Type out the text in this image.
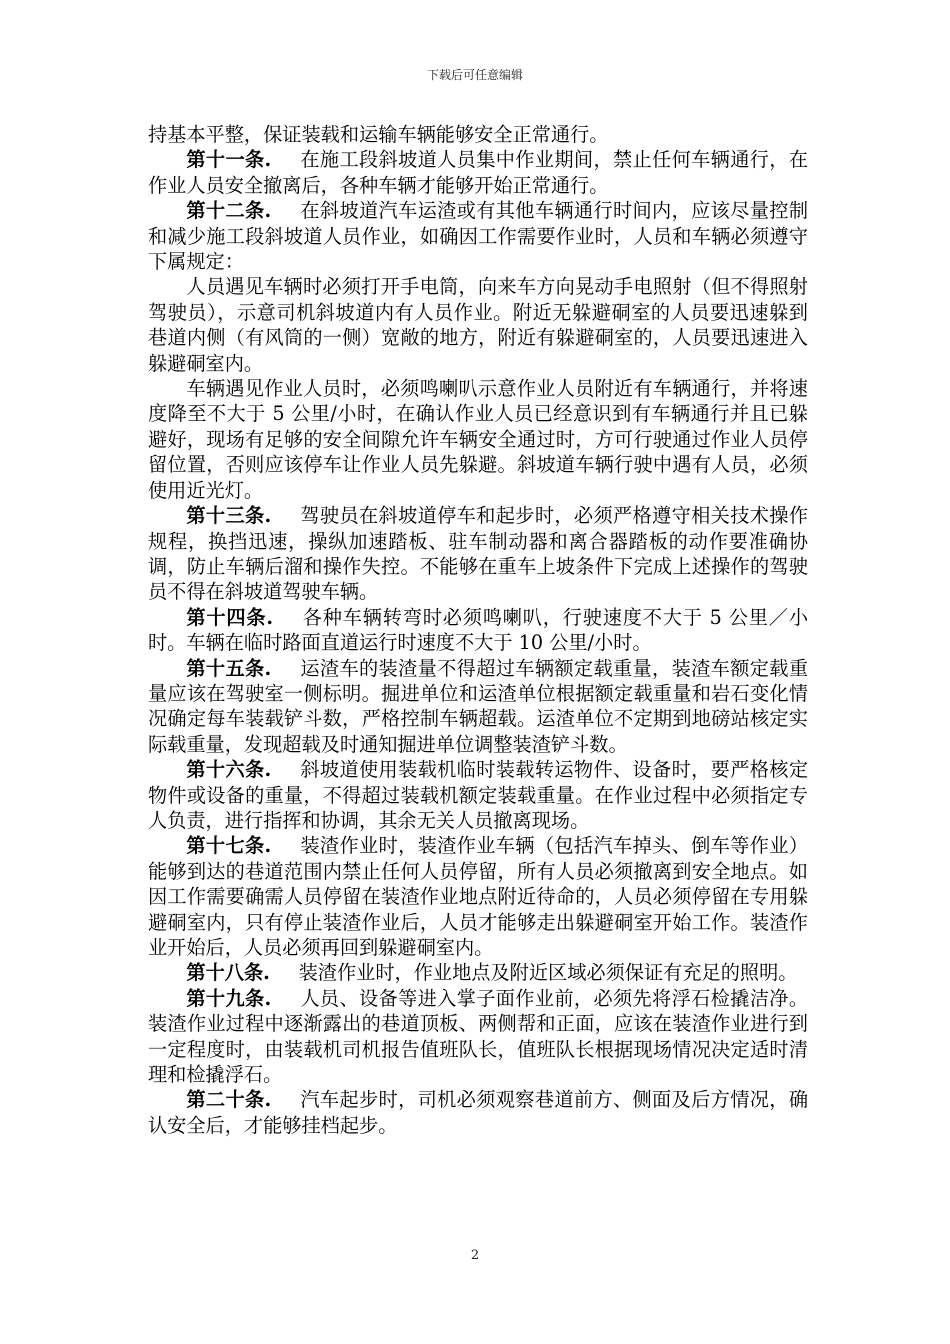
下载后可任意编辑

持基本平整，保证装载和运输车辆能够安全正常通行。

第十一条. 在施工段斜坡道人员集中作业期间，禁止任何车辆通行，在作业人员安全撤离后，各种车辆才能够开始正常通行。

第十二条. 在斜坡道汽车运渣或有其他车辆通行时间内，应该尽量控制和减少施工段斜坡道人员作业，如确因工作需要作业时，人员和车辆必须遵守下属规定：

人员遇见车辆时必须打开手电筒，向来车方向晃动手电照射（但不得照射驾驶员），示意司机斜坡道内有人员作业。附近无躲避硐室的人员要迅速躲到巷道内侧（有风筒的一侧）宽敞的地方，附近有躲避硐室的，人员要迅速进入躲避硐室内。

车辆遇见作业人员时，必须鸣喇叭示意作业人员附近有车辆通行，并将速度降至不大于 5 公里/小时，在确认作业人员已经意识到有车辆通行并且已躲避好，现场有足够的安全间隙允许车辆安全通过时，方可行驶通过作业人员停留位置，否则应该停车让作业人员先躲避。斜坡道车辆行驶中遇有人员，必须使用近光灯。

第十三条. 驾驶员在斜坡道停车和起步时，必须严格遵守相关技术操作规程，换挡迅速，操纵加速踏板、驻车制动器和离合器踏板的动作要准确协调，防止车辆后溜和操作失控。不能够在重车上坡条件下完成上述操作的驾驶员不得在斜坡道驾驶车辆。

第十四条. 各种车辆转弯时必须鸣喇叭，行驶速度不大于 5 公里／小时。车辆在临时路面直道运行时速度不大于 10 公里/小时。

第十五条. 运渣车的装渣量不得超过车辆额定载重量，装渣车额定载重量应该在驾驶室一侧标明。掘进单位和运渣单位根据额定载重量和岩石变化情况确定每车装载铲斗数，严格控制车辆超载。运渣单位不定期到地磅站核定实际载重量，发现超载及时通知掘进单位调整装渣铲斗数。

第十六条. 斜坡道使用装载机临时装载转运物件、设备时，要严格核定物件或设备的重量，不得超过装载机额定装载重量。在作业过程中必须指定专人负责，进行指挥和协调，其余无关人员撤离现场。

第十七条. 装渣作业时，装渣作业车辆（包括汽车掉头、倒车等作业）能够到达的巷道范围内禁止任何人员停留，所有人员必须撤离到安全地点。如因工作需要确需人员停留在装渣作业地点附近待命的，人员必须停留在专用躲避硐室内，只有停止装渣作业后，人员才能够走出躲避硐室开始工作。装渣作业开始后，人员必须再回到躲避硐室内。

第十八条. 装渣作业时，作业地点及附近区域必须保证有充足的照明。

第十九条. 人员、设备等进入掌子面作业前，必须先将浮石检撬洁净。装渣作业过程中逐渐露出的巷道顶板、两侧帮和正面，应该在装渣作业进行到一定程度时，由装载机司机报告值班队长，值班队长根据现场情况决定适时清理和检撬浮石。

第二十条. 汽车起步时，司机必须观察巷道前方、侧面及后方情况，确认安全后，才能够挂档起步。

2
